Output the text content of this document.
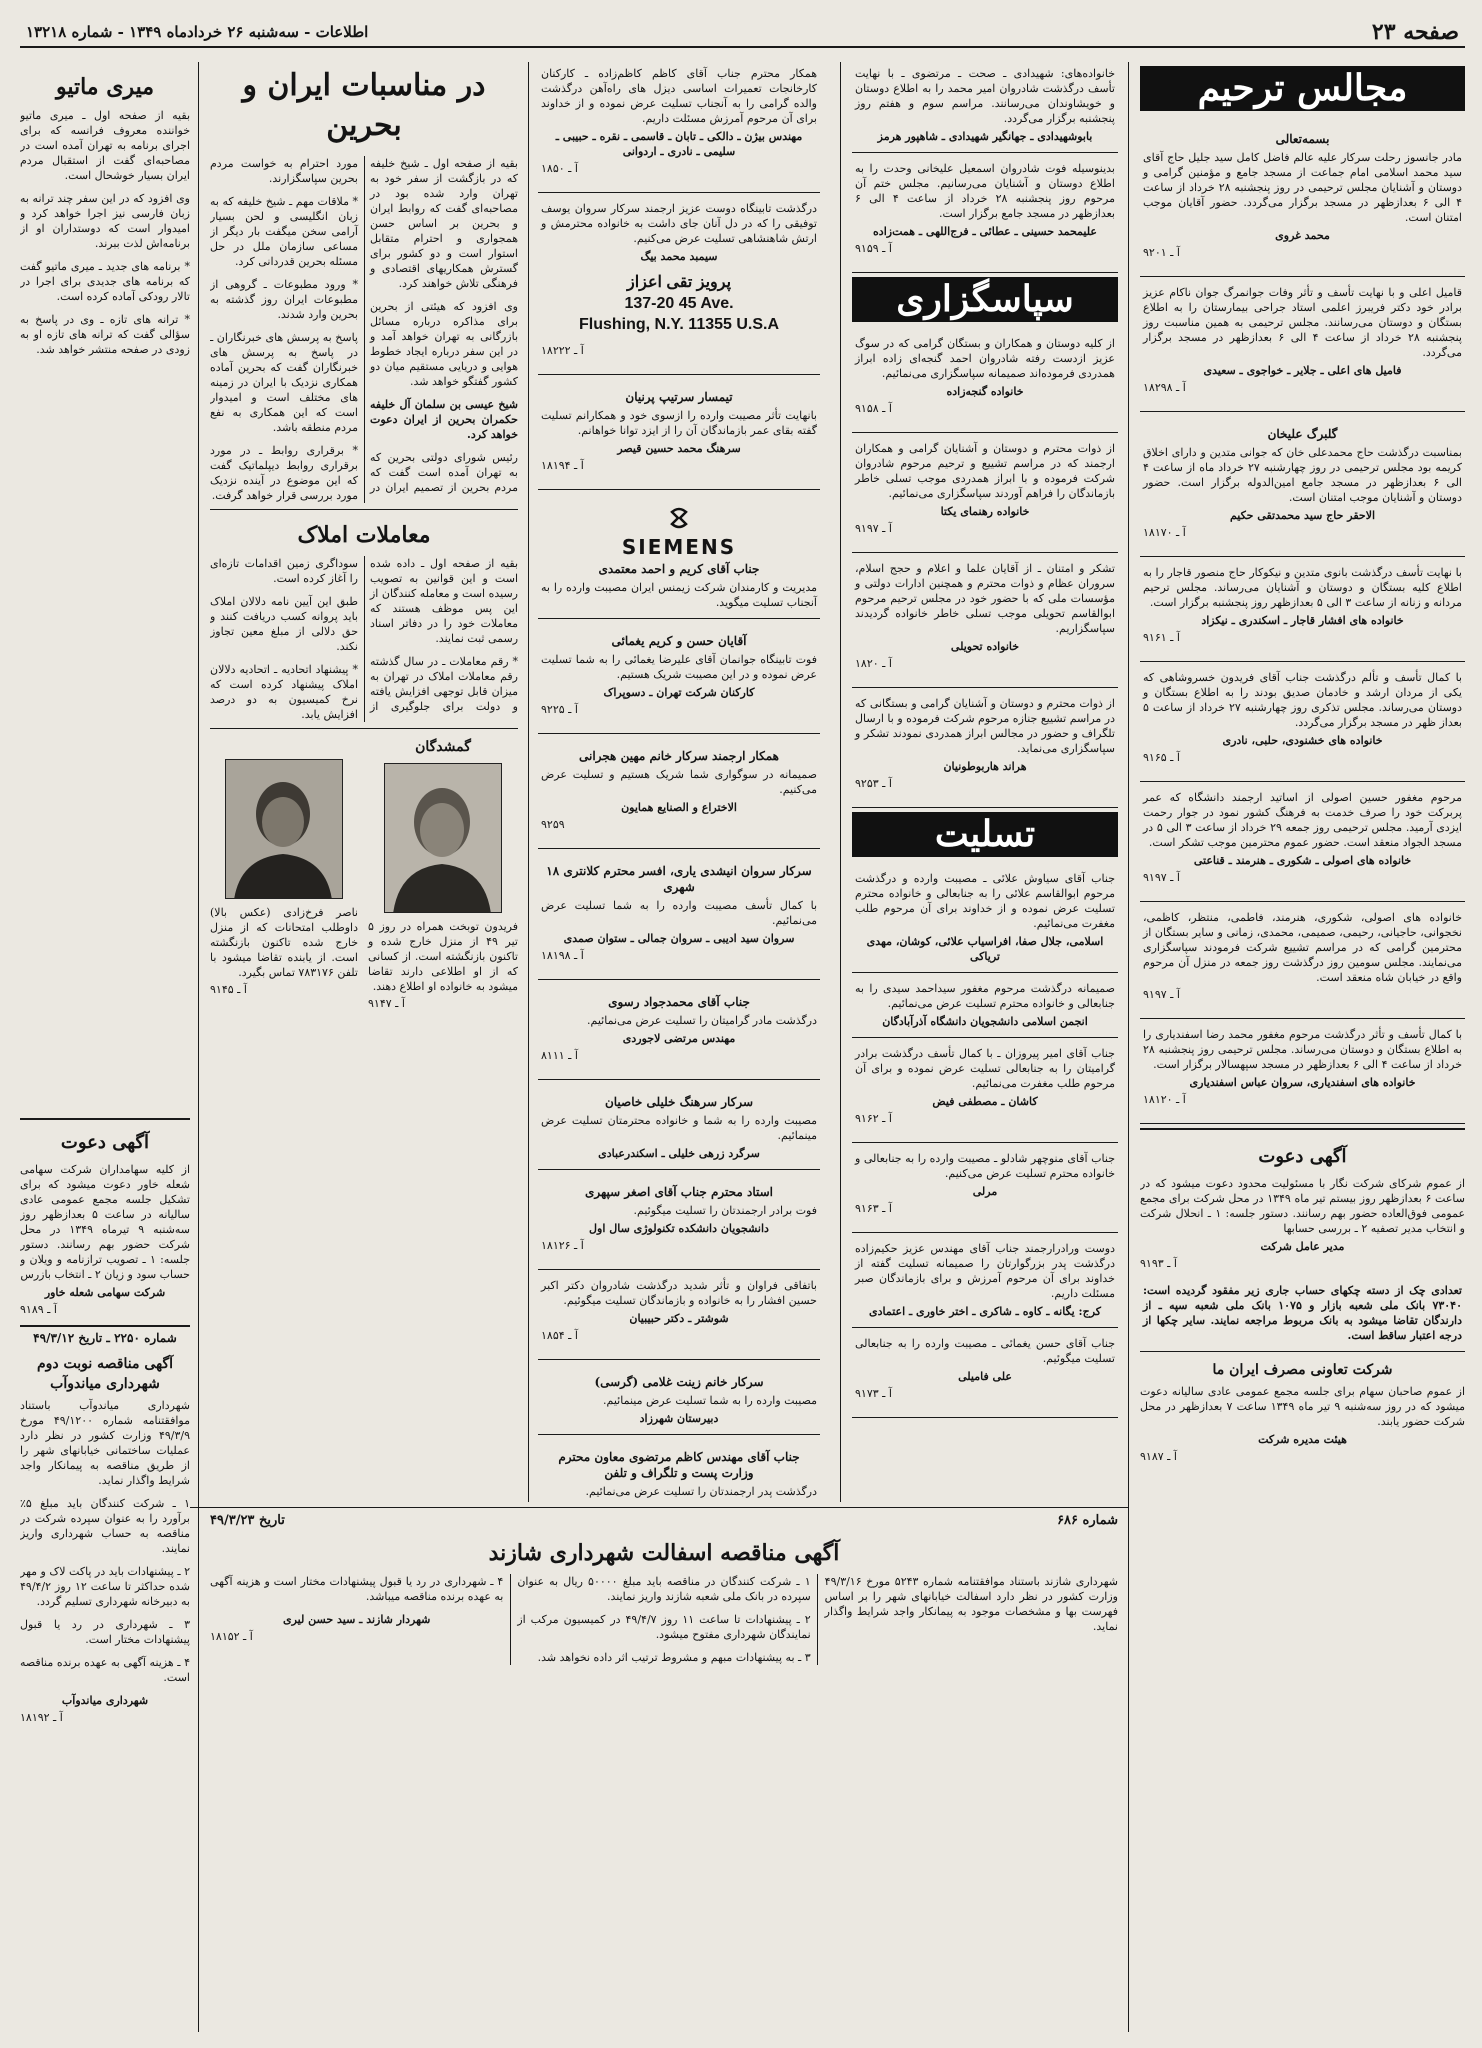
صفحه ۲۳
اطلاعات - سه‌شنبه ۲۶ خردادماه ۱۳۴۹ - شماره ۱۳۲۱۸
مجالس ترحیم
بسمه‌تعالی
مادر جانسوز رحلت سرکار علیه عالم فاضل کامل سید جلیل حاج آقای سید محمد اسلامی امام جماعت از مسجد جامع و مؤمنین گرامی و دوستان و آشنایان مجلس ترحیمی در روز پنجشنبه ۲۸ خرداد از ساعت ۴ الی ۶ بعدازظهر در مسجد برگزار می‌گردد. حضور آقایان موجب امتنان است.
محمد غروی
آ ـ ۹۲۰۱
قامیل اعلی و با نهایت تأسف و تأثر وفات جوانمرگ جوان ناکام عزیز برادر خود دکتر فریبرز اعلمی استاد جراحی بیمارستان را به اطلاع بستگان و دوستان می‌رسانند. مجلس ترحیمی به همین مناسبت روز پنجشنبه ۲۸ خرداد از ساعت ۴ الی ۶ بعدازظهر در مسجد برگزار می‌گردد.
فامیل های اعلی ـ جلایر ـ خواجوی ـ سعیدی
آ ـ ۱۸۲۹۸
گلبرگ علیخان
بمناسبت درگذشت حاج محمدعلی خان که جوانی متدین و دارای اخلاق کریمه بود مجلس ترحیمی در روز چهارشنبه ۲۷ خرداد ماه از ساعت ۴ الی ۶ بعدازظهر در مسجد جامع امین‌الدوله برگزار است. حضور دوستان و آشنایان موجب امتنان است.
الاحقر حاج سید محمدتقی حکیم
آ ـ ۱۸۱۷۰
با نهایت تأسف درگذشت بانوی متدین و نیکوکار حاج منصور قاجار را به اطلاع کلیه بستگان و دوستان و آشنایان می‌رساند. مجلس ترحیم مردانه و زنانه از ساعت ۳ الی ۵ بعدازظهر روز پنجشنبه برگزار است.
خانواده های افشار قاجار ـ اسکندری ـ نیکزاد
آ ـ ۹۱۶۱
با کمال تأسف و تألم درگذشت جناب آقای فریدون خسروشاهی که یکی از مردان ارشد و خادمان صدیق بودند را به اطلاع بستگان و دوستان می‌رساند. مجلس تذکری روز چهارشنبه ۲۷ خرداد از ساعت ۵ بعداز ظهر در مسجد برگزار می‌گردد.
خانواده های خشنودی، حلبی، نادری
آ ـ ۹۱۶۵
مرحوم مغفور حسین اصولی از اساتید ارجمند دانشگاه که عمر پربرکت خود را صرف خدمت به فرهنگ کشور نمود در جوار رحمت ایزدی آرمید. مجلس ترحیمی روز جمعه ۲۹ خرداد از ساعت ۳ الی ۵ در مسجد الجواد منعقد است. حضور عموم محترمین موجب تشکر است.
خانواده های اصولی ـ شکوری ـ هنرمند ـ قناعتی
آ ـ ۹۱۹۷
خانواده های اصولی، شکوری، هنرمند، فاطمی، منتظر، کاظمی، نخجوانی، حاجیانی، رحیمی، صمیمی، محمدی، زمانی و سایر بستگان از محترمین گرامی که در مراسم تشییع شرکت فرمودند سپاسگزاری می‌نمایند. مجلس سومین روز درگذشت روز جمعه در منزل آن مرحوم واقع در خیابان شاه منعقد است.
آ ـ ۹۱۹۷
با کمال تأسف و تأثر درگذشت مرحوم مغفور محمد رضا اسفندیاری را به اطلاع بستگان و دوستان می‌رساند. مجلس ترحیمی روز پنجشنبه ۲۸ خرداد از ساعت ۴ الی ۶ بعدازظهر در مسجد سپهسالار برگزار است.
خانواده های اسفندیاری، سروان عباس اسفندیاری
آ ـ ۱۸۱۲۰
آگهی دعوت
از عموم شرکای شرکت نگار با مسئولیت محدود دعوت میشود که در ساعت ۶ بعدازظهر روز بیستم تیر ماه ۱۳۴۹ در محل شرکت برای مجمع عمومی فوق‌العاده حضور بهم رسانند. دستور جلسه: ۱ ـ انحلال شرکت و انتخاب مدیر تصفیه ۲ ـ بررسی حسابها
مدیر عامل شرکت
آ ـ ۹۱۹۳
تعدادی چک از دسته چکهای حساب جاری زیر مفقود گردیده است: ۷۳۰۴۰ بانک ملی شعبه بازار و ۱۰۷۵ بانک ملی شعبه سپه ـ از دارندگان تقاضا میشود به بانک مربوط مراجعه نمایند. سایر چکها از درجه اعتبار ساقط است.
شرکت تعاونی مصرف ایران ما
از عموم صاحبان سهام برای جلسه مجمع عمومی عادی سالیانه دعوت میشود که در روز سه‌شنبه ۹ تیر ماه ۱۳۴۹ ساعت ۷ بعدازظهر در محل شرکت حضور یابند.
هیئت مدیره شرکت
آ ـ ۹۱۸۷
خانواده‌های: شهیدادی ـ صحت ـ مرتضوی ـ با نهایت تأسف درگذشت شادروان امیر محمد را به اطلاع دوستان و خویشاوندان می‌رسانند. مراسم سوم و هفتم روز پنجشنبه برگزار می‌گردد.
بابوشهیدادی ـ جهانگیر شهیدادی ـ شاهپور هرمز
بدینوسیله فوت شادروان اسمعیل علیخانی وحدت را به اطلاع دوستان و آشنایان می‌رسانیم. مجلس ختم آن مرحوم روز پنجشنبه ۲۸ خرداد از ساعت ۴ الی ۶ بعدازظهر در مسجد جامع برگزار است.
علیمحمد حسینی ـ عطائی ـ فرج‌اللهی ـ همت‌زاده
آ ـ ۹۱۵۹
سپاسگزاری
از کلیه دوستان و همکاران و بستگان گرامی که در سوگ عزیز ازدست رفته شادروان احمد گنجه‌ای زاده ابراز همدردی فرموده‌اند صمیمانه سپاسگزاری می‌نمائیم.
خانواده گنجه‌زاده
آ ـ ۹۱۵۸
از ذوات محترم و دوستان و آشنایان گرامی و همکاران ارجمند که در مراسم تشییع و ترحیم مرحوم شادروان شرکت فرموده و با ابراز همدردی موجب تسلی خاطر بازماندگان را فراهم آوردند سپاسگزاری می‌نمائیم.
خانواده رهنمای یکتا
آ ـ ۹۱۹۷
تشکر و امتنان ـ از آقایان علما و اعلام و حجج اسلام، سروران عظام و ذوات محترم و همچنین ادارات دولتی و مؤسسات ملی که با حضور خود در مجلس ترحیم مرحوم ابوالقاسم تحویلی موجب تسلی خاطر خانواده گردیدند سپاسگزاریم.
خانواده تحویلی
آ ـ ۱۸۲۰
از ذوات محترم و دوستان و آشنایان گرامی و بستگانی که در مراسم تشییع جنازه مرحوم شرکت فرموده و با ارسال تلگراف و حضور در مجالس ابراز همدردی نمودند تشکر و سپاسگزاری می‌نماید.
هراند هاربوطونیان
آ ـ ۹۲۵۳
تسلیت
جناب آقای سیاوش علائی ـ مصیبت وارده و درگذشت مرحوم ابوالقاسم علائی را به جنابعالی و خانواده محترم تسلیت عرض نموده و از خداوند برای آن مرحوم طلب مغفرت می‌نمائیم.
اسلامی، جلال صفا، افراسیاب علائی، کوشان، مهدی تریاکی
صمیمانه درگذشت مرحوم مغفور سیداحمد سیدی را به جنابعالی و خانواده محترم تسلیت عرض می‌نمائیم.
انجمن اسلامی دانشجویان دانشگاه آذرآبادگان
جناب آقای امیر پیروزان ـ با کمال تأسف درگذشت برادر گرامیتان را به جنابعالی تسلیت عرض نموده و برای آن مرحوم طلب مغفرت می‌نمائیم.
کاشان ـ مصطفی فیض
آ ـ ۹۱۶۲
جناب آقای منوچهر شادلو ـ مصیبت وارده را به جنابعالی و خانواده محترم تسلیت عرض می‌کنیم.
مرلی
آ ـ ۹۱۶۳
دوست ورادرارجمند جناب آقای مهندس عزیز حکیم‌زاده درگذشت پدر بزرگوارتان را صمیمانه تسلیت گفته از خداوند برای آن مرحوم آمرزش و برای بازماندگان صبر مسئلت داریم.
کرج: یگانه ـ کاوه ـ شاکری ـ اختر خاوری ـ اعتمادی
جناب آقای حسن یغمائی ـ مصیبت وارده را به جنابعالی تسلیت میگوئیم.
علی فامیلی
آ ـ ۹۱۷۳
همکار محترم جناب آقای کاظم کاظم‌زاده ـ کارکنان کارخانجات تعمیرات اساسی دیزل های راه‌آهن درگذشت والده گرامی را به آنجناب تسلیت عرض نموده و از خداوند برای آن مرحوم آمرزش مسئلت داریم.
مهندس بیژن ـ دالکی ـ تابان ـ قاسمی ـ نقره ـ حبیبی ـ سلیمی ـ نادری ـ اردوانی
آ ـ ۱۸۵۰
درگذشت تابینگاه دوست عزیز ارجمند سرکار سروان یوسف توفیقی را که در دل آنان جای داشت به خانواده محترمش و ارتش شاهنشاهی تسلیت عرض می‌کنیم.
سیمبد محمد بیگ
پرویز تقی اعزاز
137-20 45 Ave.
Flushing, N.Y. 11355 U.S.A
آ ـ ۱۸۲۲۲
تیمسار سرتیپ پرنیان
بانهایت تأثر مصیبت وارده را ازسوی خود و همکارانم تسلیت گفته بقای عمر بازماندگان آن را از ایزد توانا خواهانم.
سرهنگ محمد حسین قیصر
آ ـ ۱۸۱۹۴
SIEMENS
جناب آقای کریم و احمد معتمدی
مدیریت و کارمندان شرکت زیمنس ایران مصیبت وارده را به آنجناب تسلیت میگوید.
آقایان حسن و کریم یغمائی
فوت تابینگاه جوانمان آقای علیرضا یغمائی را به شما تسلیت عرض نموده و در این مصیبت شریک هستیم.
کارکنان شرکت تهران ـ دسوپراک
آ ـ ۹۲۲۵
همکار ارجمند سرکار خانم مهین هجرانی
صمیمانه در سوگواری شما شریک هستیم و تسلیت عرض می‌کنیم.
الاختراع و الصنایع همایون
۹۲۵۹
سرکار سروان انیشدی یاری، افسر محترم کلانتری ۱۸ شهری
با کمال تأسف مصیبت وارده را به شما تسلیت عرض می‌نمائیم.
سروان سید ادیبی ـ سروان جمالی ـ ستوان صمدی
آ ـ ۱۸۱۹۸
جناب آقای محمدجواد رسوی
درگذشت مادر گرامیتان را تسلیت عرض می‌نمائیم.
مهندس مرتضی لاجوردی
آ ـ ۸۱۱۱
سرکار سرهنگ خلیلی خاصیان
مصیبت وارده را به شما و خانواده محترمتان تسلیت عرض مینمائیم.
سرگرد زرهی خلیلی ـ اسکندرعبادی
استاد محترم جناب آقای اصغر سپهری
فوت برادر ارجمندتان را تسلیت میگوئیم.
دانشجویان دانشکده تکنولوژی سال اول
آ ـ ۱۸۱۲۶
باتفاقی فراوان و تأثر شدید درگذشت شادروان دکتر اکبر حسین افشار را به خانواده و بازماندگان تسلیت میگوئیم.
شوشتر ـ دکتر حبیبیان
آ ـ ۱۸۵۴
سرکار خانم زینت غلامی (گرسی)
مصیبت وارده را به شما تسلیت عرض مینمائیم.
دبیرستان شهرزاد
جناب آقای مهندس کاظم مرتضوی معاون محترم وزارت پست و تلگراف و تلفن
درگذشت پدر ارجمندتان را تسلیت عرض می‌نمائیم.
در مناسبات ایران و بحرین

بقیه از صفحه اول ـ شیخ خلیفه که در بازگشت از سفر خود به تهران وارد شده بود در مصاحبه‌ای گفت که روابط ایران و بحرین بر اساس حسن همجواری و احترام متقابل استوار است و دو کشور برای گسترش همکاریهای اقتصادی و فرهنگی تلاش خواهند کرد.

وی افزود که هیئتی از بحرین برای مذاکره درباره مسائل بازرگانی به تهران خواهد آمد و در این سفر درباره ایجاد خطوط هوایی و دریایی مستقیم میان دو کشور گفتگو خواهد شد.

شیخ عیسی بن سلمان آل خلیفه حکمران بحرین از ایران دعوت خواهد کرد.

رئیس شورای دولتی بحرین که به تهران آمده است گفت که مردم بحرین از تصمیم ایران در مورد احترام به خواست مردم بحرین سپاسگزارند.

* ملاقات مهم ـ شیخ خلیفه که به زبان انگلیسی و لحن بسیار آرامی سخن میگفت بار دیگر از مساعی سازمان ملل در حل مسئله بحرین قدردانی کرد.

* ورود مطبوعات ـ گروهی از مطبوعات ایران روز گذشته به بحرین وارد شدند.

پاسخ به پرسش های خبرنگاران ـ در پاسخ به پرسش های خبرنگاران گفت که بحرین آماده همکاری نزدیک با ایران در زمینه های مختلف است و امیدوار است که این همکاری به نفع مردم منطقه باشد.

* برقراری روابط ـ در مورد برقراری روابط دیپلماتیک گفت که این موضوع در آینده نزدیک مورد بررسی قرار خواهد گرفت.

معاملات املاک

بقیه از صفحه اول ـ داده شده است و این قوانین به تصویب رسیده است و معامله کنندگان از این پس موظف هستند که معاملات خود را در دفاتر اسناد رسمی ثبت نمایند.

* رقم معاملات ـ در سال گذشته رقم معاملات املاک در تهران به میزان قابل توجهی افزایش یافته و دولت برای جلوگیری از سوداگری زمین اقدامات تازه‌ای را آغاز کرده است.

طبق این آیین نامه دلالان املاک باید پروانه کسب دریافت کنند و حق دلالی از مبلغ معین تجاوز نکند.

* پیشنهاد اتحادیه ـ اتحادیه دلالان املاک پیشنهاد کرده است که نرخ کمیسیون به دو درصد افزایش یابد.

گمشدگان
فریدون توبخت همراه در روز ۵ تیر ۴۹ از منزل خارج شده و تاکنون بازنگشته است. از کسانی که از او اطلاعی دارند تقاضا میشود به خانواده او اطلاع دهند.
آ ـ ۹۱۴۷
ناصر فرخ‌زادی (عکس بالا) داوطلب امتحانات که از منزل خارج شده تاکنون بازنگشته است. از یابنده تقاضا میشود با تلفن ۷۸۳۱۷۶ تماس بگیرد.
آ ـ ۹۱۴۵
میری ماتیو

بقیه از صفحه اول ـ میری ماتیو خواننده معروف فرانسه که برای اجرای برنامه به تهران آمده است در مصاحبه‌ای گفت از استقبال مردم ایران بسیار خوشحال است.

وی افزود که در این سفر چند ترانه به زبان فارسی نیز اجرا خواهد کرد و امیدوار است که دوستداران او از برنامه‌اش لذت ببرند.

* برنامه های جدید ـ میری ماتیو گفت که برنامه های جدیدی برای اجرا در تالار رودکی آماده کرده است.

* ترانه های تازه ـ وی در پاسخ به سؤالی گفت که ترانه های تازه او به زودی در صفحه منتشر خواهد شد.

آگهی دعوت
از کلیه سهامداران شرکت سهامی شعله خاور دعوت میشود که برای تشکیل جلسه مجمع عمومی عادی سالیانه در ساعت ۵ بعدازظهر روز سه‌شنبه ۹ تیرماه ۱۳۴۹ در محل شرکت حضور بهم رسانند. دستور جلسه: ۱ ـ تصویب ترازنامه و ویلان و حساب سود و زیان ۲ ـ انتخاب بازرس
شرکت سهامی شعله خاور
آ ـ ۹۱۸۹
شماره ۲۲۵۰ ـ تاریخ ۴۹/۳/۱۲
آگهی مناقصه نوبت دوم شهرداری میاندوآب

شهرداری میاندوآب باستناد موافقتنامه شماره ۴۹/۱۲۰۰ مورخ ۴۹/۳/۹ وزارت کشور در نظر دارد عملیات ساختمانی خیابانهای شهر را از طریق مناقصه به پیمانکار واجد شرایط واگذار نماید.

۱ ـ شرکت کنندگان باید مبلغ ۵٪ برآورد را به عنوان سپرده شرکت در مناقصه به حساب شهرداری واریز نمایند.

۲ ـ پیشنهادات باید در پاکت لاک و مهر شده حداکثر تا ساعت ۱۲ روز ۴۹/۴/۲ به دبیرخانه شهرداری تسلیم گردد.

۳ ـ شهرداری در رد یا قبول پیشنهادات مختار است.

۴ ـ هزینه آگهی به عهده برنده مناقصه است.

شهرداری میاندوآب
آ ـ ۱۸۱۹۲
شماره ۶۸۶
تاریخ ۴۹/۳/۲۳
آگهی مناقصه اسفالت شهرداری شازند

شهرداری شازند باستناد موافقتنامه شماره ۵۲۴۳ مورخ ۴۹/۳/۱۶ وزارت کشور در نظر دارد اسفالت خیابانهای شهر را بر اساس فهرست بها و مشخصات موجود به پیمانکار واجد شرایط واگذار نماید.

۱ ـ شرکت کنندگان در مناقصه باید مبلغ ۵۰۰۰۰ ریال به عنوان سپرده در بانک ملی شعبه شازند واریز نمایند.

۲ ـ پیشنهادات تا ساعت ۱۱ روز ۴۹/۴/۷ در کمیسیون مرکب از نمایندگان شهرداری مفتوح میشود.

۳ ـ به پیشنهادات مبهم و مشروط ترتیب اثر داده نخواهد شد.

۴ ـ شهرداری در رد یا قبول پیشنهادات مختار است و هزینه آگهی به عهده برنده مناقصه میباشد.

شهردار شازند ـ سید حسن لیری
آ ـ ۱۸۱۵۲
